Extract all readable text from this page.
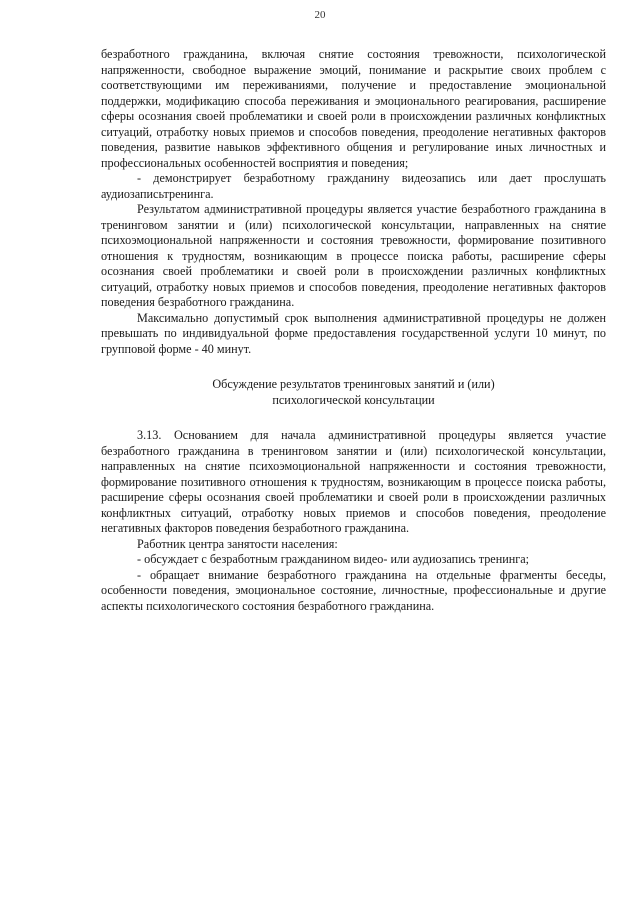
20

безработного гражданина, включая снятие состояния тревожности, психологической напряженности, свободное выражение эмоций, понимание и раскрытие своих проблем с соответствующими им переживаниями, получение и предоставление эмоциональной поддержки, модификацию способа переживания и эмоционального реагирования, расширение сферы осознания своей проблематики и своей роли в происхождении различных конфликтных ситуаций, отработку новых приемов и способов поведения, преодоление негативных факторов поведения, развитие навыков эффективного общения и регулирование иных личностных и профессиональных особенностей восприятия и поведения;

- демонстрирует безработному гражданину видеозапись или дает прослушать аудиозаписьтренинга.

Результатом административной процедуры является участие безработного гражданина в тренинговом занятии и (или) психологической консультации, направленных на снятие психоэмоциональной напряженности и состояния тревожности, формирование позитивного отношения к трудностям, возникающим в процессе поиска работы, расширение сферы осознания своей проблематики и своей роли в происхождении различных конфликтных ситуаций, отработку новых приемов и способов поведения, преодоление негативных факторов поведения безработного гражданина.

Максимально допустимый срок выполнения административной процедуры не должен превышать по индивидуальной форме предоставления государственной услуги 10 минут, по групповой форме - 40 минут.

Обсуждение результатов тренинговых занятий и (или)
психологической консультации

3.13. Основанием для начала административной процедуры является участие безработного гражданина в тренинговом занятии и (или) психологической консультации, направленных на снятие психоэмоциональной напряженности и состояния тревожности, формирование позитивного отношения к трудностям, возникающим в процессе поиска работы, расширение сферы осознания своей проблематики и своей роли в происхождении различных конфликтных ситуаций, отработку новых приемов и способов поведения, преодоление негативных факторов поведения безработного гражданина.

Работник центра занятости населения:

- обсуждает с безработным гражданином видео- или аудиозапись тренинга;

- обращает внимание безработного гражданина на отдельные фрагменты беседы, особенности поведения, эмоциональное состояние, личностные, профессиональные и другие аспекты психологического состояния безработного гражданина.
